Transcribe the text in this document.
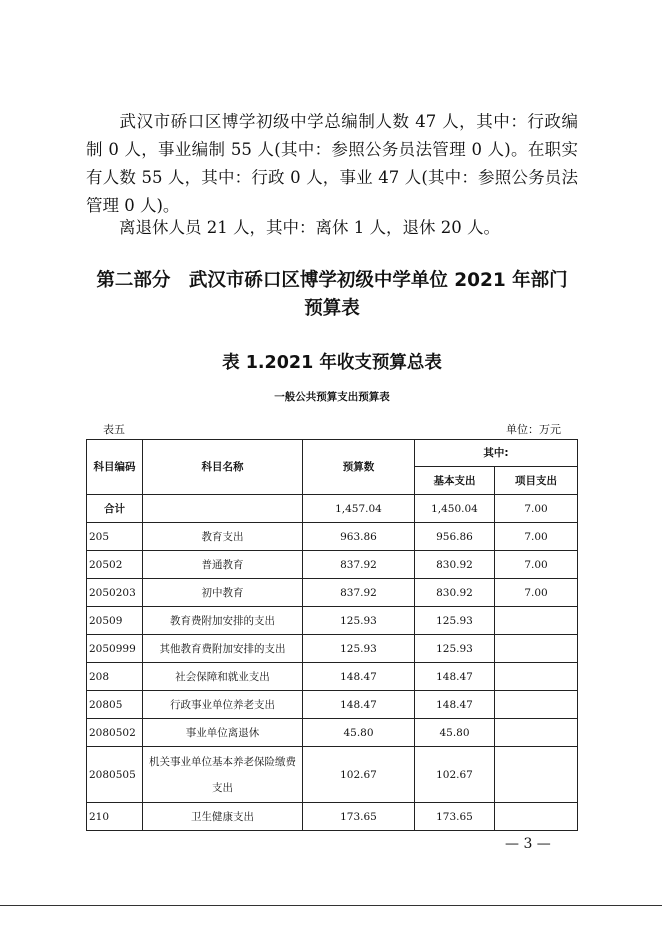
武汉市硚口区博学初级中学总编制人数 47 人，其中：行政编制 0 人，事业编制 55 人(其中：参照公务员法管理 0 人)。在职实有人数 55 人，其中：行政 0 人，事业 47 人(其中：参照公务员法管理 0 人)。

离退休人员 21 人，其中：离休 1 人，退休 20 人。

第二部分　武汉市硚口区博学初级中学单位 2021 年部门
预算表
表 1.2021 年收支预算总表
一般公共预算支出预算表
表五	单位：万元
科目编码	科目名称	预算数	其中:	
			基本支出	项目支出
合计		1,457.04	1,450.04	7.00
205	教育支出	963.86	956.86	7.00
20502	普通教育	837.92	830.92	7.00
2050203	初中教育	837.92	830.92	7.00
20509	教育费附加安排的支出	125.93	125.93	
2050999	其他教育费附加安排的支出	125.93	125.93	
208	社会保障和就业支出	148.47	148.47	
20805	行政事业单位养老支出	148.47	148.47	
2080502	事业单位离退休	45.80	45.80	
2080505	机关事业单位基本养老保险缴费支出	102.67	102.67	
210	卫生健康支出	173.65	173.65	
— 3 —
